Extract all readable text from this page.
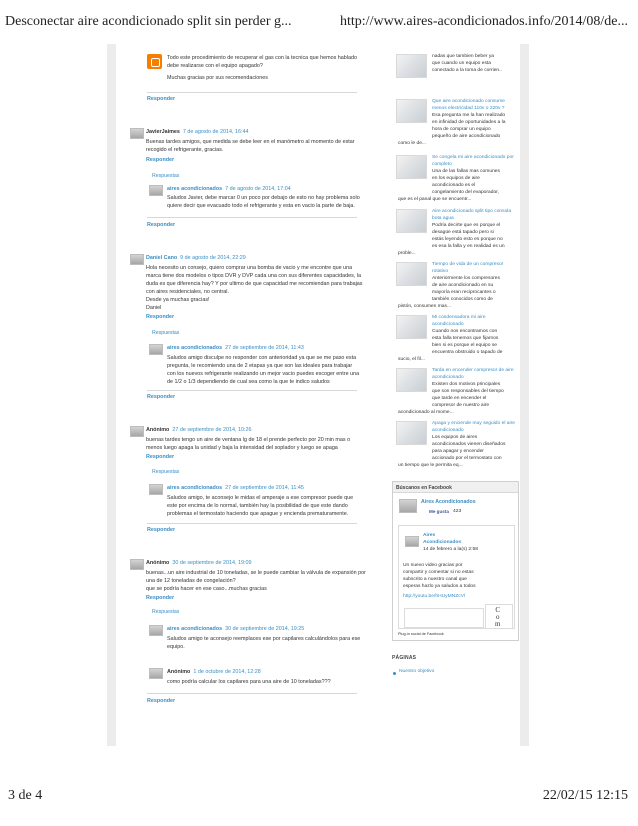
Desconectar aire acondicionado split sin perder g...	http://www.aires-acondicionados.info/2014/08/de...
Todo este procedimiento de recuperar el gas con la tecnica que hemos hablado
debe realizarse con el equipo apagado?
Muchas gracias por sus recomendaciones
Responder
JavierJaimes 7 de agosto de 2014, 16:44
Buenas tardes amigos, que medida se debe leer en el manómetro al momento de estar
recogido el refrigerante, gracias.
Responder
Respuestas
aires acondicionados 7 de agosto de 2014, 17:04
Saludos Javier, debe marcar 0 un poco por debajo de esto no hay problema solo
quiere decir que evacuado todo el refrigerante y esta en vacio la parte de baja.
Responder
Daniel Cano 9 de agosto de 2014, 22:29
Hola necesito un consejo, quiero comprar una bomba de vacio y me encontre que una
marca tiene dos modelos o tipos DVR y DVP cada una con sus diferentes capacidades, la
duda es que diferencia hay? Y por ultimo de que capacidad me recomiendan para trabajas
con aires residenciales, no central.
Desde ya muchas gracias!
Daniel
Responder
Respuestas
aires acondicionados 27 de septiembre de 2014, 11:43
Saludos amigo disculpe no responder con anterioridad ya que se me paso esta
pregunta, le recomiendo una de 2 etapas ya que son las ideales para trabajar
con los nuevos refrigerante realizando un mejor vacio puedes escoger entre una
de 1/2 o 1/3 dependiendo de cual sea como la que te indico saludos
Responder
Anónimo 27 de septiembre de 2014, 10:26
buenas tardes tengo un aire de ventana lg de 18 el prende perfecto por 20 min mas o
menos luego apaga la unidad y baja la intensidad del soplador y luego se apaga
Responder
Respuestas
aires acondicionados 27 de septiembre de 2014, 11:45
Saludos amigo, te aconsejo le midas el amperaje a ese compresor puede que
este por encima de lo normal, también hay la posibilidad de que este dando
problemas el termostato haciendo que apague y encienda prematuramente.
Responder
Anónimo 30 de septiembre de 2014, 19:09
buenas...un aire industrial de 10 toneladas, se le puede cambiar la válvula de expansión por
una de 12 toneladas de congelación?
que se podría hacer en ese caso...muchas gracias
Responder
Respuestas
aires acondicionados 30 de septiembre de 2014, 19:25
Saludos amigo te aconsejo reemplaces ese por capilares calculándolos para ese
equipo.
Anónimo 1 de octubre de 2014, 12:28
como podría calcular los capilares para una aire de 10 toneladas???
Responder
nadas que tambien beber ya
que cuando un equipo esta
conectado a la toma de corrien..
Que aire acondicionado consume menos electricidad 110v o 220v ?
Esa pregunta me la han realizado
en infinidad de oportunidades a la
hora de comprar un equipo
pequeño de aire acondicionado
como le de...
Se congela mi aire acondicionado por completo
Una de las fallas mas comunes
en los equipos de aire
acondicionado es el
congelamiento del evaporador,
que es el panal que se encuentr...
Aire acondicionado split tipo consola bota agua
Podría decirte que es porque el
desagüe está tapado pero si
estás leyendo esto es porque no
es esa la falla y en realidad es un
proble...
Tiempo de vida de un compresor rotativo
Anteriormente los compresores
de aire acondicionado en su
mayoría eran reciprocantes o
también conocidos como de
pistón, consumen mas...
Mi condensadora mi aire acondicionado
Cuando nos encontramos con
esta falla tenemos que fijarnos
bien si es porque el equipo se
encuentra obstruido o tapado de
sucio, el fil...
Tarda en encender compresor de aire acondicionado
Existen dos motivos principales
que son responsables del tiempo
que tarde en encender el
compresor de nuestro aire
acondicionado al mome...
Apaga y enciende muy seguido el aire acondicionado
Los equipos de aires
acondicionados vienen diseñados
para apagar y encender
accionado por el termostato con
un tiempo que le permita eq...
Búscanos en Facebook
Aires Acondicionados
Me gusta 423
Aires Acondicionados
14 de febrero a la(s) 2:58
Un nuevo video gracias por
compartir y comentar si no estas
subscrito a nuestro canal que
esperas hazlo ya saludos a todos
http://youtu.be/hHUyMNZcVl
C
o
m
Plug-in social de Facebook
PÁGINAS
Nuestro objetivo
3 de 4	22/02/15 12:15
